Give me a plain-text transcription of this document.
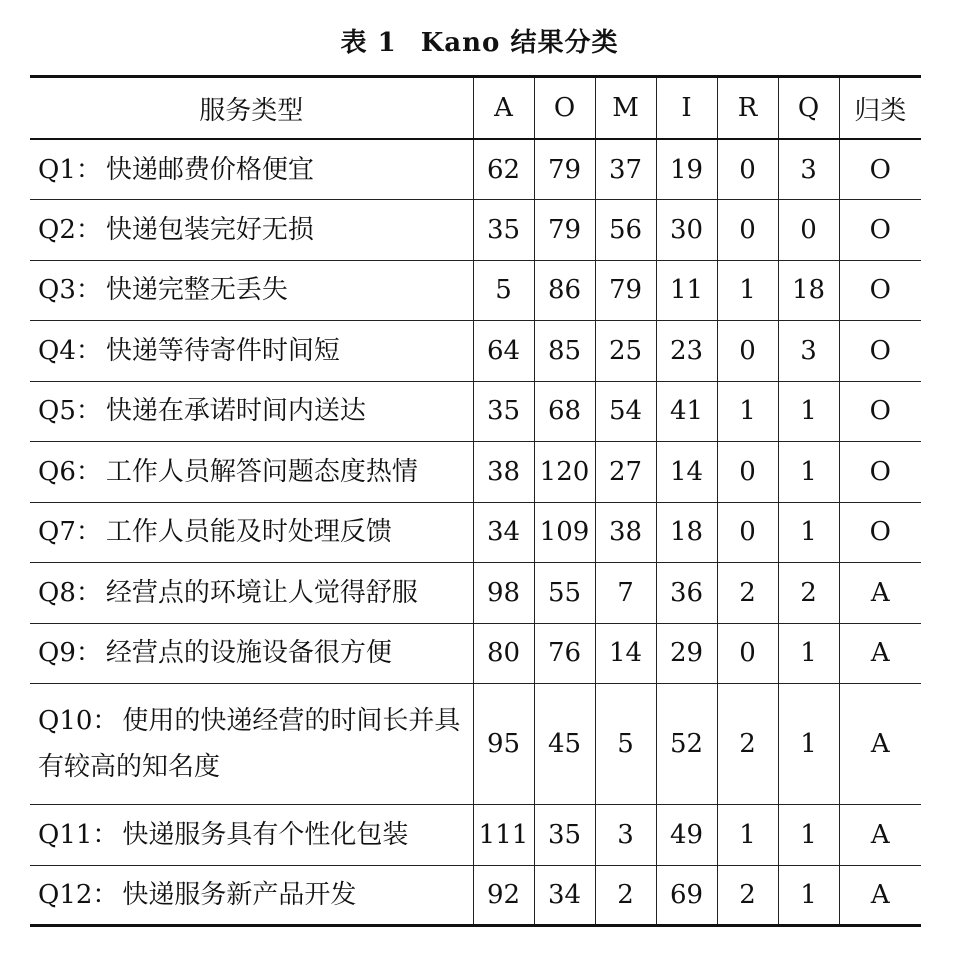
表 1 Kano 结果分类
服务类型	A	O	M	I	R	Q	归类
Q1： 快递邮费价格便宜	62	79	37	19	0	3	O
Q2： 快递包装完好无损	35	79	56	30	0	0	O
Q3： 快递完整无丢失	5	86	79	11	1	18	O
Q4： 快递等待寄件时间短	64	85	25	23	0	3	O
Q5： 快递在承诺时间内送达	35	68	54	41	1	1	O
Q6： 工作人员解答问题态度热情	38	120	27	14	0	1	O
Q7： 工作人员能及时处理反馈	34	109	38	18	0	1	O
Q8： 经营点的环境让人觉得舒服	98	55	7	36	2	2	A
Q9： 经营点的设施设备很方便	80	76	14	29	0	1	A
Q10： 使用的快递经营的时间长并具有较高的知名度	95	45	5	52	2	1	A
Q11： 快递服务具有个性化包装	111	35	3	49	1	1	A
Q12： 快递服务新产品开发	92	34	2	69	2	1	A
